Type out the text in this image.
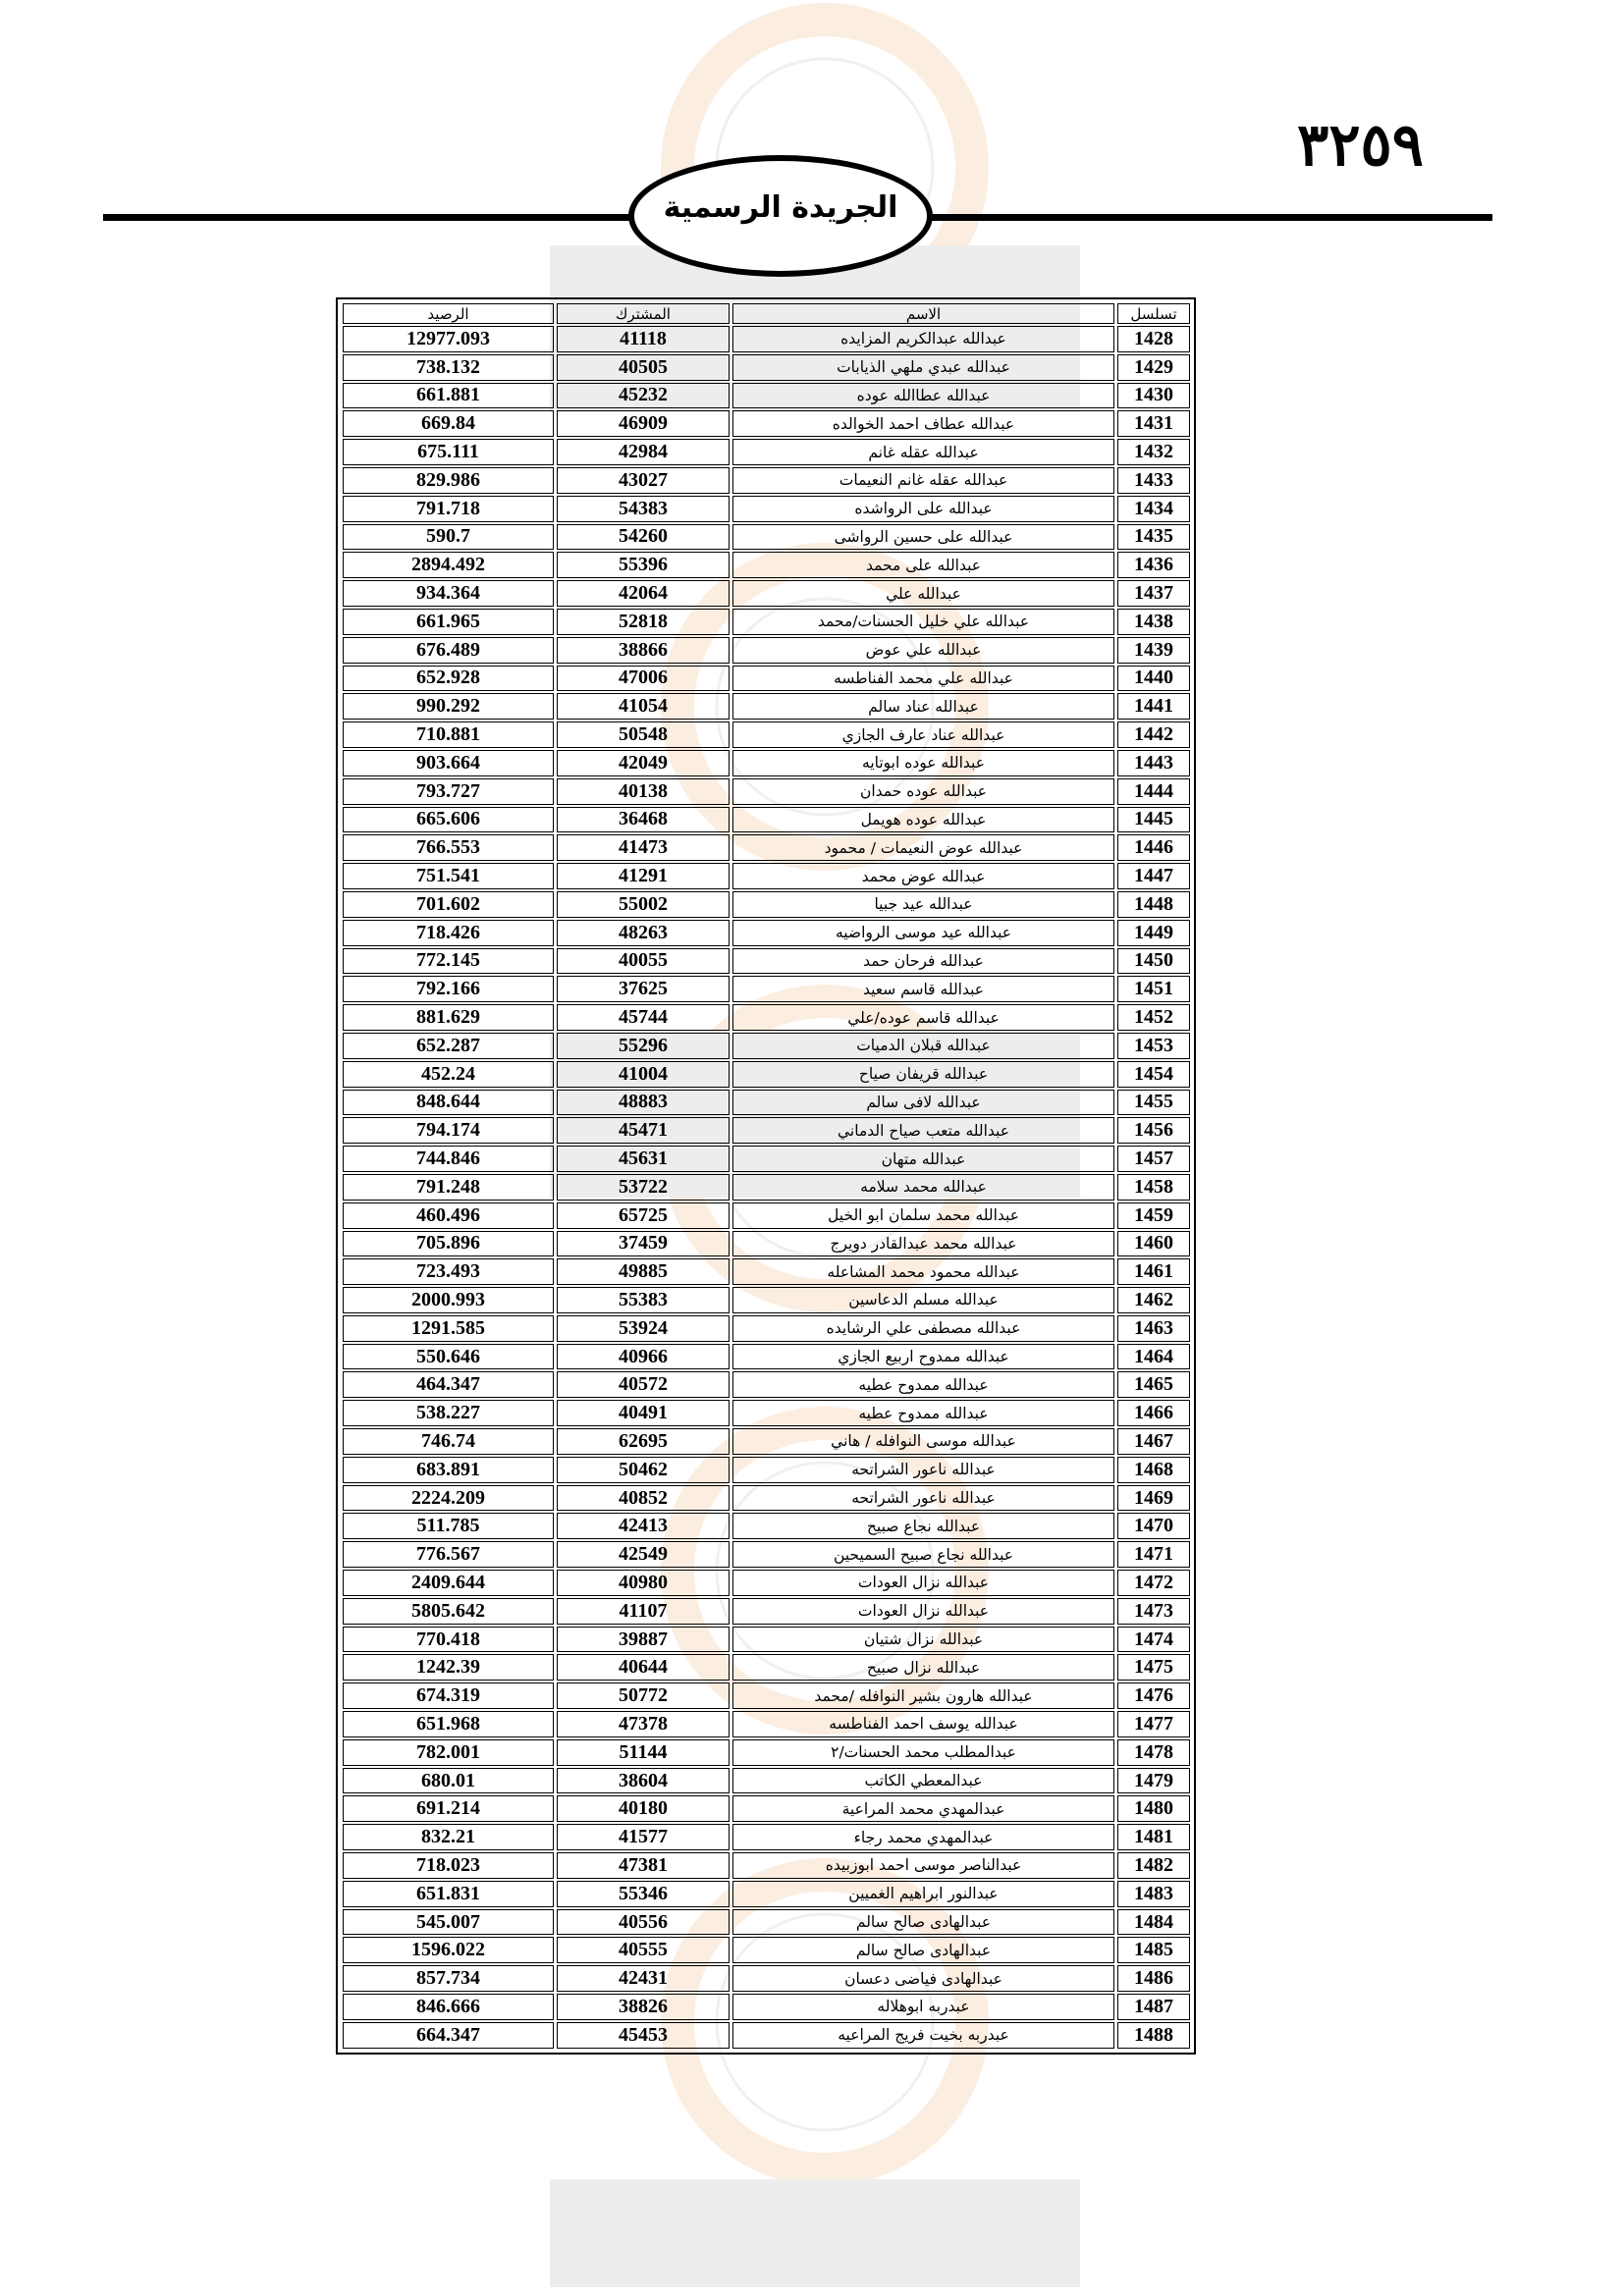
٣٢٥٩
الجريدة الرسمية
تسلسل	الاسم	المشترك	الرصيد
1428	عبدالله عبدالكريم المزايده	41118	12977.093
1429	عبدالله عبدي ملهي الذيابات	40505	738.132
1430	عبدالله عطاالله عوده	45232	661.881
1431	عبدالله عطاف احمد الخوالده	46909	669.84
1432	عبدالله عقله غانم	42984	675.111
1433	عبدالله عقله غانم النعيمات	43027	829.986
1434	عبدالله على الرواشده	54383	791.718
1435	عبدالله على حسين الرواشى	54260	590.7
1436	عبدالله على محمد	55396	2894.492
1437	عبدالله علي	42064	934.364
1438	عبدالله علي خليل الحسنات/محمد	52818	661.965
1439	عبدالله علي عوض	38866	676.489
1440	عبدالله علي محمد الفناطسه	47006	652.928
1441	عبدالله عناد سالم	41054	990.292
1442	عبدالله عناد عارف الجازي	50548	710.881
1443	عبدالله عوده ابوتايه	42049	903.664
1444	عبدالله عوده حمدان	40138	793.727
1445	عبدالله عوده هويمل	36468	665.606
1446	عبدالله عوض النعيمات / محمود	41473	766.553
1447	عبدالله عوض محمد	41291	751.541
1448	عبدالله عيد جبيا	55002	701.602
1449	عبدالله عيد موسى الرواضيه	48263	718.426
1450	عبدالله فرحان حمد	40055	772.145
1451	عبدالله قاسم سعيد	37625	792.166
1452	عبدالله قاسم عوده/علي	45744	881.629
1453	عبدالله قبلان الدميات	55296	652.287
1454	عبدالله قريفان صياح	41004	452.24
1455	عبدالله لافى سالم	48883	848.644
1456	عبدالله متعب صياح الدماني	45471	794.174
1457	عبدالله متهان	45631	744.846
1458	عبدالله محمد سلامه	53722	791.248
1459	عبدالله محمد سلمان ابو الخيل	65725	460.496
1460	عبدالله محمد عبدالقادر دويرج	37459	705.896
1461	عبدالله محمود محمد المشاعله	49885	723.493
1462	عبدالله مسلم الدعاسين	55383	2000.993
1463	عبدالله مصطفى علي الرشايده	53924	1291.585
1464	عبدالله ممدوح اربيع الجازي	40966	550.646
1465	عبدالله ممدوح عطيه	40572	464.347
1466	عبدالله ممدوح عطيه	40491	538.227
1467	عبدالله موسى النوافله / هاني	62695	746.74
1468	عبدالله ناعور الشراتحه	50462	683.891
1469	عبدالله ناعور الشراتحه	40852	2224.209
1470	عبدالله نجاع صبيح	42413	511.785
1471	عبدالله نجاع صبيح السميحين	42549	776.567
1472	عبدالله نزال العودات	40980	2409.644
1473	عبدالله نزال العودات	41107	5805.642
1474	عبدالله نزال شتيان	39887	770.418
1475	عبدالله نزال صبيح	40644	1242.39
1476	عبدالله هارون بشير النوافله /محمد	50772	674.319
1477	عبدالله يوسف احمد الفناطسه	47378	651.968
1478	عبدالمطلب محمد الحسنات/٢	51144	782.001
1479	عبدالمعطي الكاتب	38604	680.01
1480	عبدالمهدي محمد المراعية	40180	691.214
1481	عبدالمهدي محمد رجاء	41577	832.21
1482	عبدالناصر موسى احمد ابوزبيده	47381	718.023
1483	عبدالنور ابراهيم الغميين	55346	651.831
1484	عبدالهادى صالح سالم	40556	545.007
1485	عبدالهادى صالح سالم	40555	1596.022
1486	عبدالهادى فياضى دعسان	42431	857.734
1487	عبدربه ابوهلاله	38826	846.666
1488	عبدربه بخيت فريج المراعيه	45453	664.347
